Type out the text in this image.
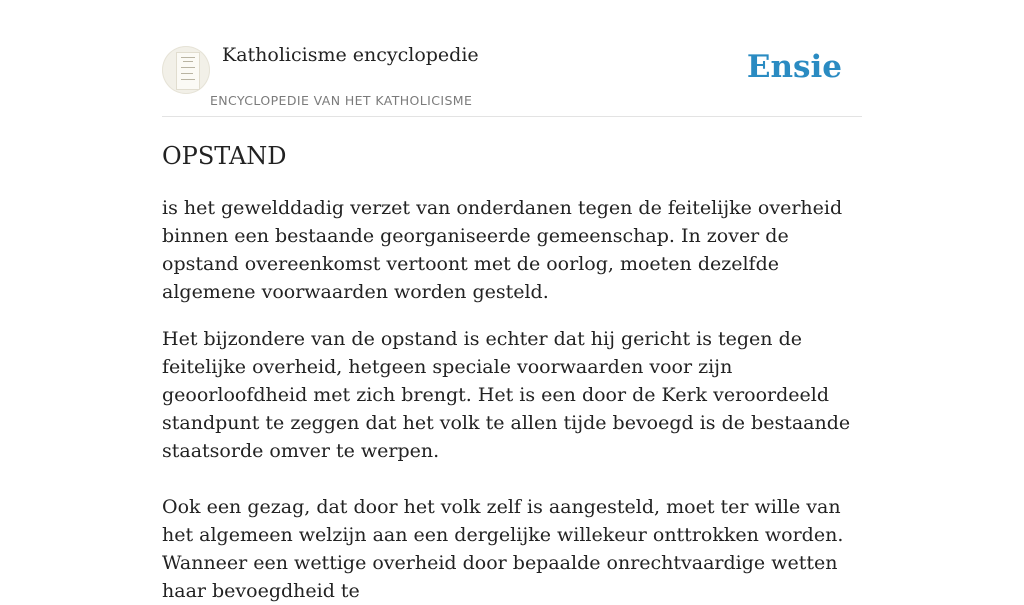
Katholicisme encyclopedie
ENCYCLOPEDIE VAN HET KATHOLICISME
Ensie
OPSTAND

is het gewelddadig verzet van onderdanen tegen de feitelijke overheid binnen een bestaande georganiseerde gemeenschap. In zover de opstand overeenkomst vertoont met de oorlog, moeten dezelfde algemene voorwaarden worden gesteld.

Het bijzondere van de opstand is echter dat hij gericht is tegen de feitelijke overheid, hetgeen speciale voorwaarden voor zijn geoorloofdheid met zich brengt. Het is een door de Kerk veroordeeld standpunt te zeggen dat het volk te allen tijde bevoegd is de bestaande staatsorde omver te werpen.

Ook een gezag, dat door het volk zelf is aangesteld, moet ter wille van het algemeen welzijn aan een dergelijke willekeur onttrokken worden. Wanneer een wettige overheid door bepaalde onrechtvaardige wetten haar bevoegdheid te
